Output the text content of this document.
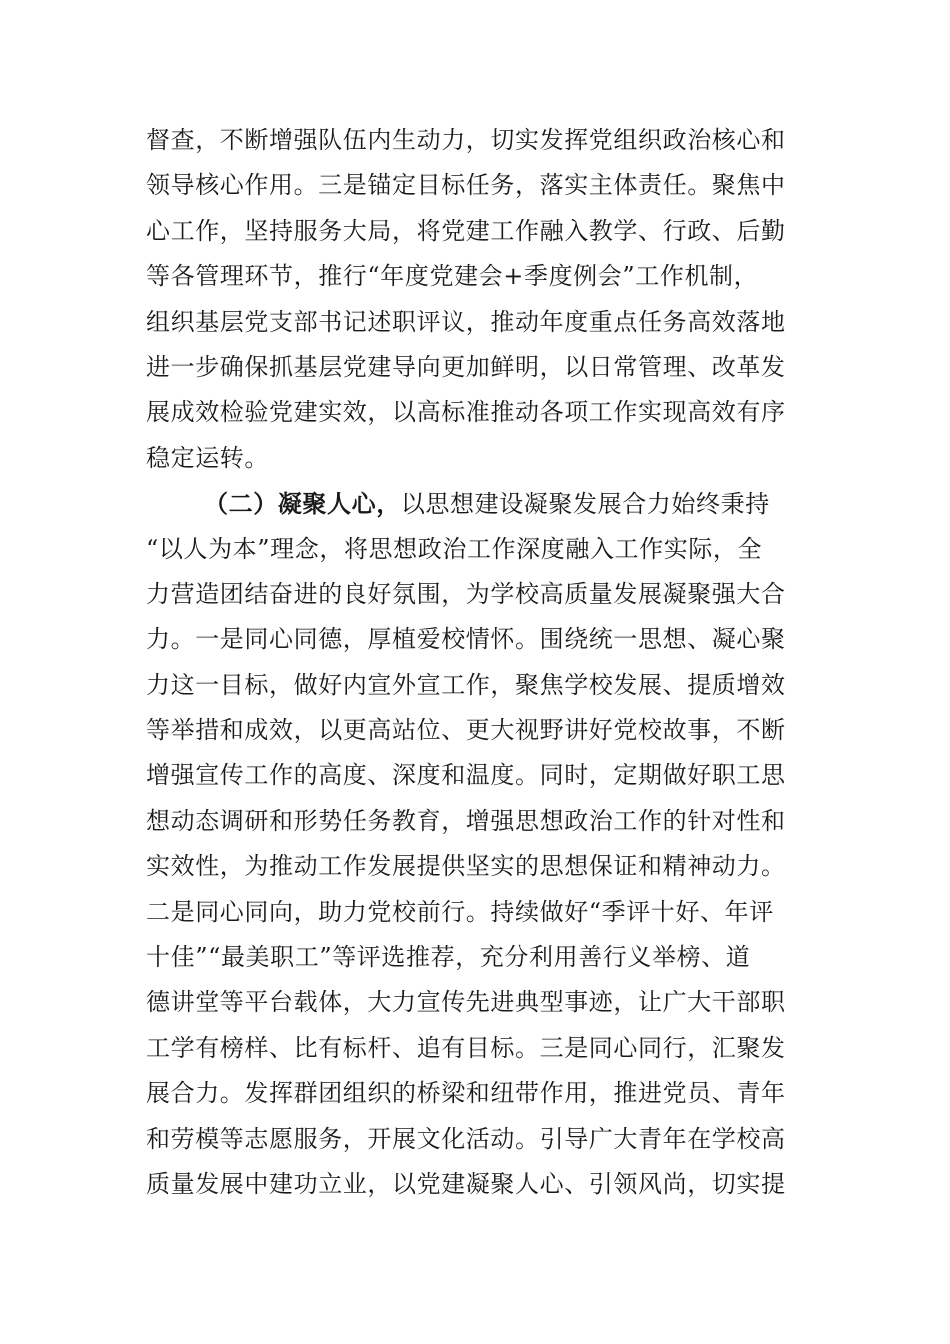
督查，不断增强队伍内生动力，切实发挥党组织政治核心和
领导核心作用。三是锚定目标任务，落实主体责任。聚焦中
心工作，坚持服务大局，将党建工作融入教学、行政、后勤
等各管理环节，推行“年度党建会+季度例会”工作机制，
组织基层党支部书记述职评议，推动年度重点任务高效落地
进一步确保抓基层党建导向更加鲜明，以日常管理、改革发
展成效检验党建实效，以高标准推动各项工作实现高效有序
稳定运转。
（二）凝聚人心，以思想建设凝聚发展合力始终秉持
“以人为本”理念，将思想政治工作深度融入工作实际，全
力营造团结奋进的良好氛围，为学校高质量发展凝聚强大合
力。一是同心同德，厚植爱校情怀。围绕统一思想、凝心聚
力这一目标，做好内宣外宣工作，聚焦学校发展、提质增效
等举措和成效，以更高站位、更大视野讲好党校故事，不断
增强宣传工作的高度、深度和温度。同时，定期做好职工思
想动态调研和形势任务教育，增强思想政治工作的针对性和
实效性，为推动工作发展提供坚实的思想保证和精神动力。
二是同心同向，助力党校前行。持续做好“季评十好、年评
十佳”“最美职工”等评选推荐，充分利用善行义举榜、道
德讲堂等平台载体，大力宣传先进典型事迹，让广大干部职
工学有榜样、比有标杆、追有目标。三是同心同行，汇聚发
展合力。发挥群团组织的桥梁和纽带作用，推进党员、青年
和劳模等志愿服务，开展文化活动。引导广大青年在学校高
质量发展中建功立业，以党建凝聚人心、引领风尚，切实提
